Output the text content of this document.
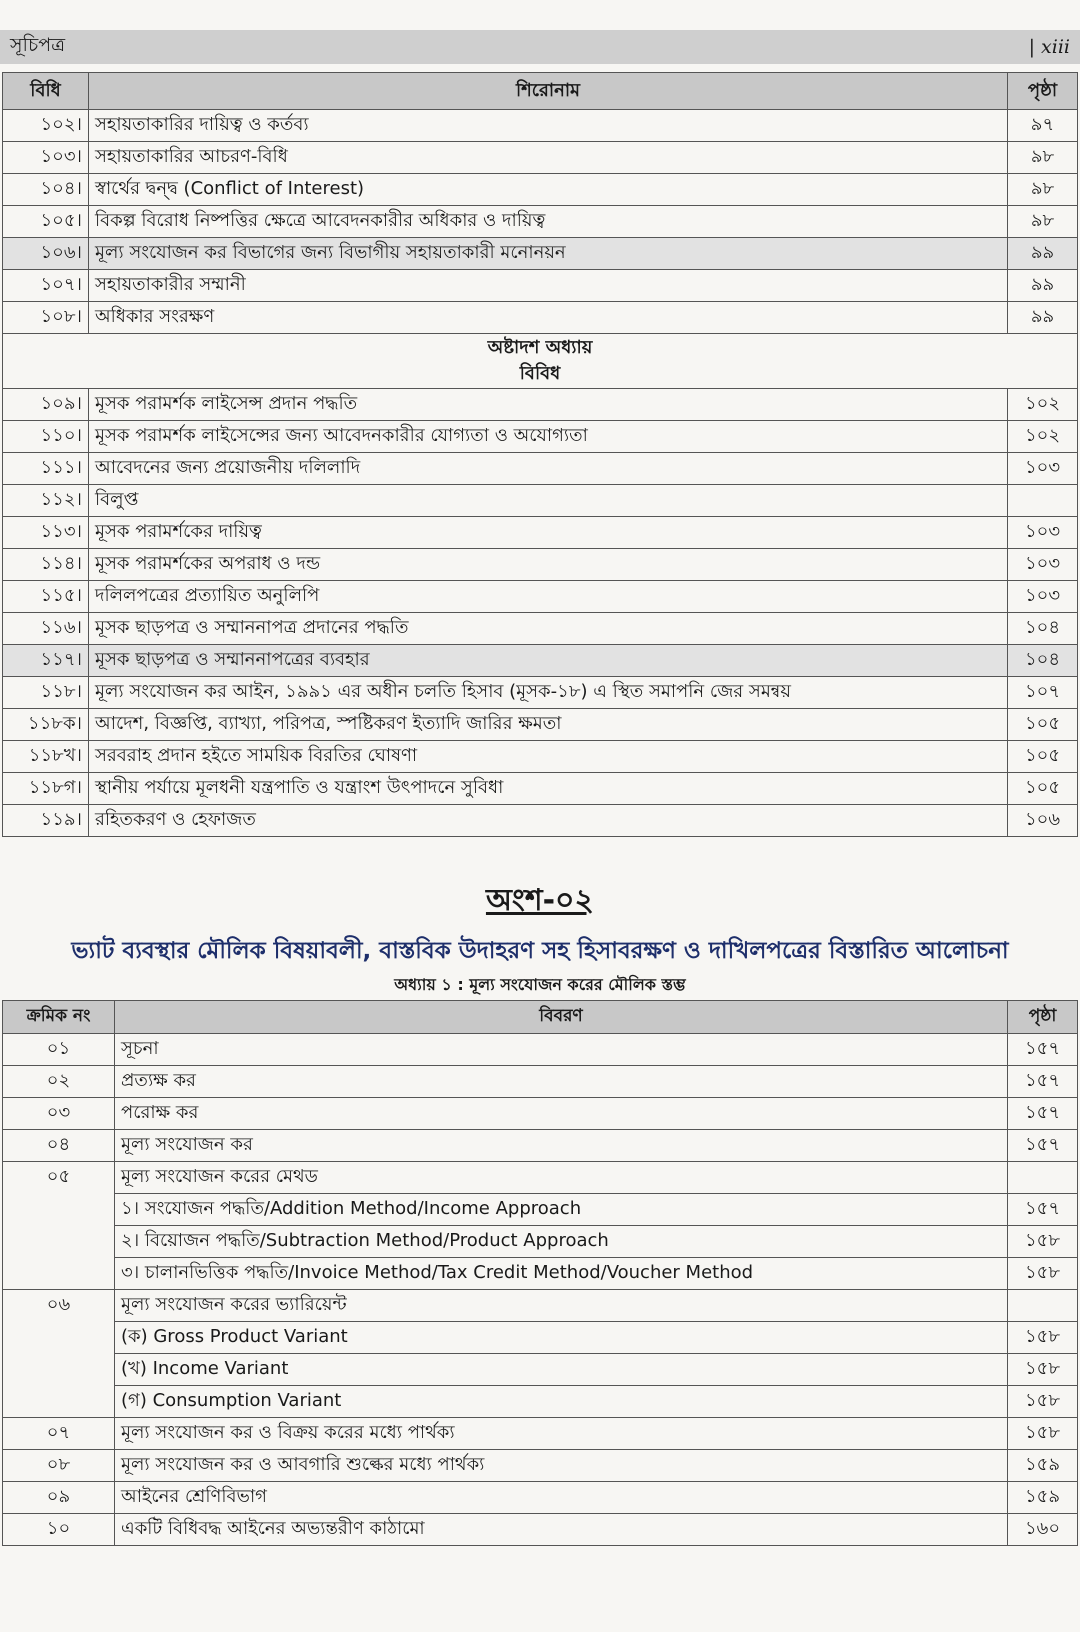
সূচিপত্র	| xiii
বিধি	শিরোনাম	পৃষ্ঠা
১০২।	সহায়তাকারির দায়িত্ব ও কর্তব্য	৯৭
১০৩।	সহায়তাকারির আচরণ-বিধি	৯৮
১০৪।	স্বার্থের দ্বন্দ্ব (Conflict of Interest)	৯৮
১০৫।	বিকল্প বিরোধ নিষ্পত্তির ক্ষেত্রে আবেদনকারীর অধিকার ও দায়িত্ব	৯৮
১০৬।	মূল্য সংযোজন কর বিভাগের জন্য বিভাগীয় সহায়তাকারী মনোনয়ন	৯৯
১০৭।	সহায়তাকারীর সম্মানী	৯৯
১০৮।	অধিকার সংরক্ষণ	৯৯

অষ্টাদশ অধ্যায়
বিবিধ		

১০৯।	মূসক পরামর্শক লাইসেন্স প্রদান পদ্ধতি	১০২
১১০।	মূসক পরামর্শক লাইসেন্সের জন্য আবেদনকারীর যোগ্যতা ও অযোগ্যতা	১০২
১১১।	আবেদনের জন্য প্রয়োজনীয় দলিলাদি	১০৩
১১২।	বিলুপ্ত	
১১৩।	মূসক পরামর্শকের দায়িত্ব	১০৩
১১৪।	মূসক পরামর্শকের অপরাধ ও দন্ড	১০৩
১১৫।	দলিলপত্রের প্রত্যায়িত অনুলিপি	১০৩
১১৬।	মূসক ছাড়পত্র ও সম্মাননাপত্র প্রদানের পদ্ধতি	১০৪
১১৭।	মূসক ছাড়পত্র ও সম্মাননাপত্রের ব্যবহার	১০৪
১১৮।	মূল্য সংযোজন কর আইন, ১৯৯১ এর অধীন চলতি হিসাব (মূসক-১৮) এ স্থিত সমাপনি জের সমন্বয়	১০৭
১১৮ক।	আদেশ, বিজ্ঞপ্তি, ব্যাখ্যা, পরিপত্র, স্পষ্টিকরণ ইত্যাদি জারির ক্ষমতা	১০৫
১১৮খ।	সরবরাহ প্রদান হইতে সাময়িক বিরতির ঘোষণা	১০৫
১১৮গ।	স্থানীয় পর্যায়ে মূলধনী যন্ত্রপাতি ও যন্ত্রাংশ উৎপাদনে সুবিধা	১০৫
১১৯।	রহিতকরণ ও হেফাজত	১০৬
অংশ-০২
ভ্যাট ব্যবস্থার মৌলিক বিষয়াবলী, বাস্তবিক উদাহরণ সহ হিসাবরক্ষণ ও দাখিলপত্রের বিস্তারিত আলোচনা
অধ্যায় ১ : মূল্য সংযোজন করের মৌলিক স্তম্ভ
ক্রমিক নং	বিবরণ	পৃষ্ঠা
০১	সূচনা	১৫৭
০২	প্রত্যক্ষ কর	১৫৭
০৩	পরোক্ষ কর	১৫৭
০৪	মূল্য সংযোজন কর	১৫৭
০৫	মূল্য সংযোজন করের মেথড	
	১। সংযোজন পদ্ধতি/Addition Method/Income Approach	১৫৭
	২। বিয়োজন পদ্ধতি/Subtraction Method/Product Approach	১৫৮
	৩। চালানভিত্তিক পদ্ধতি/Invoice Method/Tax Credit Method/Voucher Method	১৫৮
০৬	মূল্য সংযোজন করের ভ্যারিয়েন্ট	
	(ক) Gross Product Variant	১৫৮
	(খ) Income Variant	১৫৮
	(গ) Consumption Variant	১৫৮
০৭	মূল্য সংযোজন কর ও বিক্রয় করের মধ্যে পার্থক্য	১৫৮
০৮	মূল্য সংযোজন কর ও আবগারি শুল্কের মধ্যে পার্থক্য	১৫৯
০৯	আইনের শ্রেণিবিভাগ	১৫৯
১০	একটি বিধিবদ্ধ আইনের অভ্যন্তরীণ কাঠামো	১৬০
